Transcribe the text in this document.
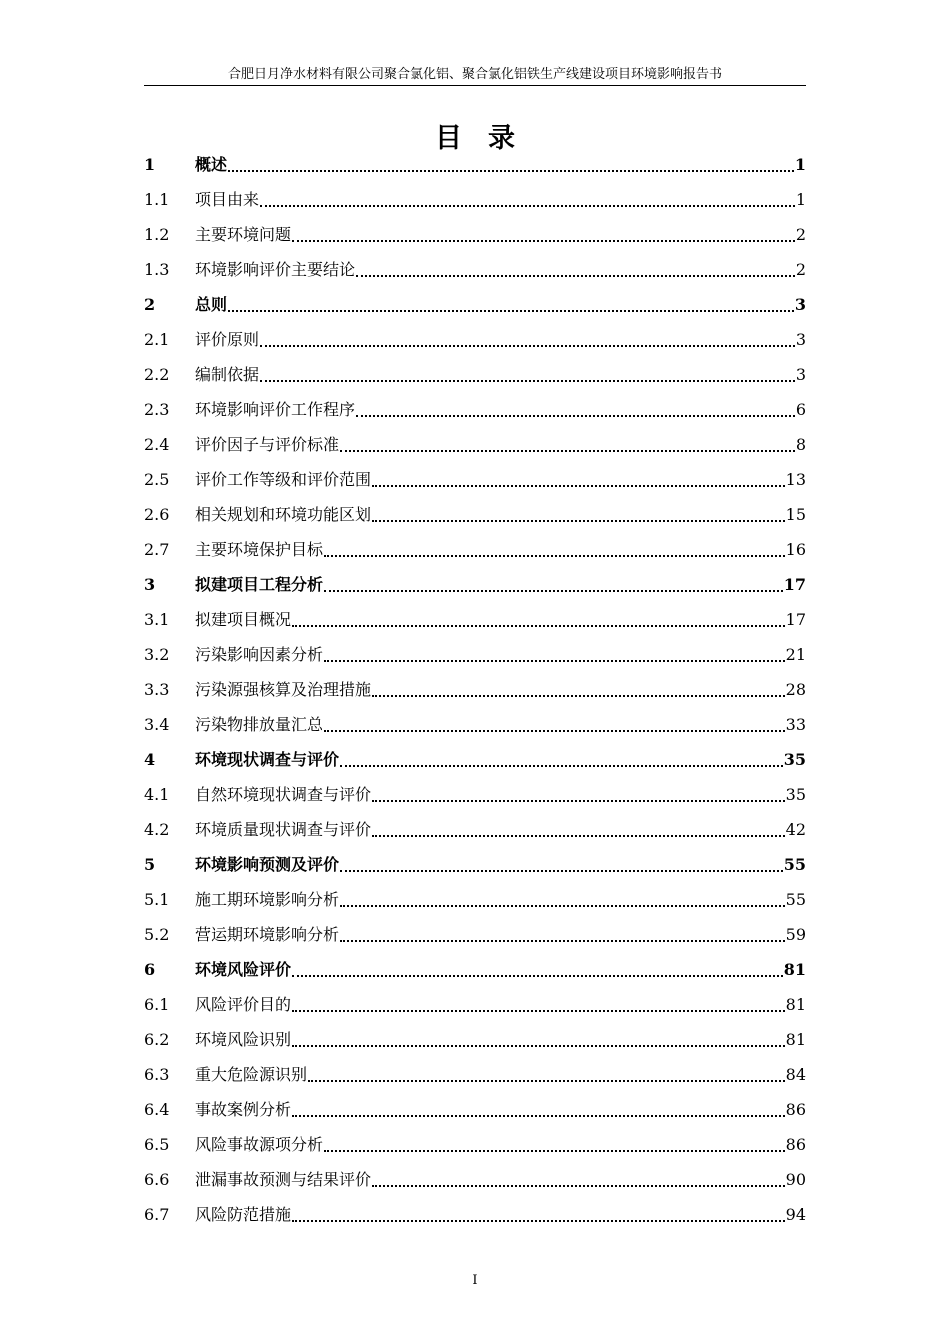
合肥日月净水材料有限公司聚合氯化铝、聚合氯化铝铁生产线建设项目环境影响报告书
目录
1	概述	1
1.1	项目由来	1
1.2	主要环境问题	2
1.3	环境影响评价主要结论	2
2	总则	3
2.1	评价原则	3
2.2	编制依据	3
2.3	环境影响评价工作程序	6
2.4	评价因子与评价标准	8
2.5	评价工作等级和评价范围	13
2.6	相关规划和环境功能区划	15
2.7	主要环境保护目标	16
3	拟建项目工程分析	17
3.1	拟建项目概况	17
3.2	污染影响因素分析	21
3.3	污染源强核算及治理措施	28
3.4	污染物排放量汇总	33
4	环境现状调查与评价	35
4.1	自然环境现状调查与评价	35
4.2	环境质量现状调查与评价	42
5	环境影响预测及评价	55
5.1	施工期环境影响分析	55
5.2	营运期环境影响分析	59
6	环境风险评价	81
6.1	风险评价目的	81
6.2	环境风险识别	81
6.3	重大危险源识别	84
6.4	事故案例分析	86
6.5	风险事故源项分析	86
6.6	泄漏事故预测与结果评价	90
6.7	风险防范措施	94
I
